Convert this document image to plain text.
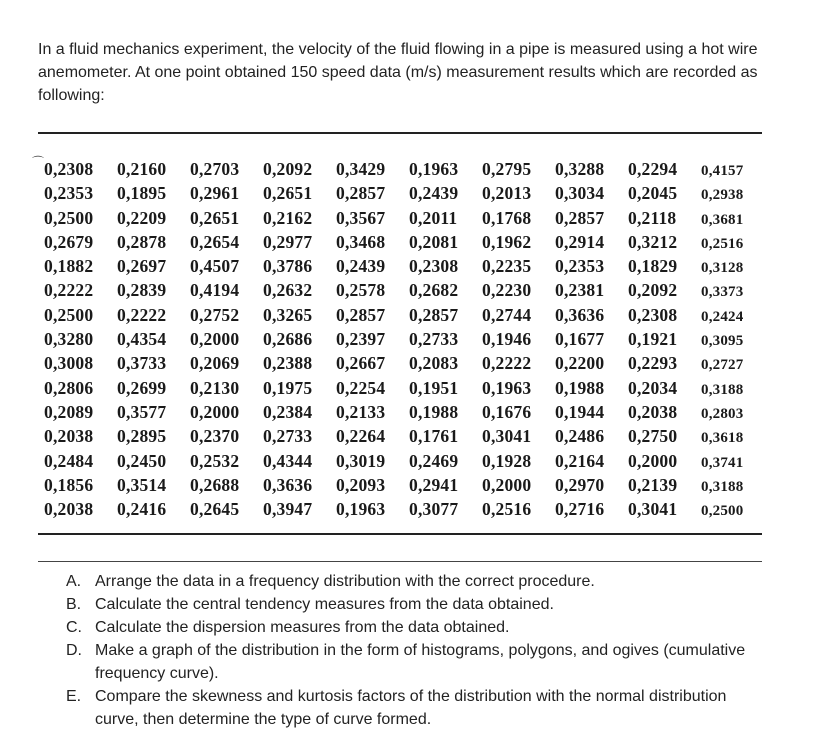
In a fluid mechanics experiment, the velocity of the fluid flowing in a pipe is measured using a hot wire anemometer. At one point obtained 150 speed data (m/s) measurement results which are recorded as following:

⌒ 0,2308 0,2160 0,2703 0,2092 0,3429 0,1963 0,2795 0,3288 0,2294 0,4157
0,2353 0,1895 0,2961 0,2651 0,2857 0,2439 0,2013 0,3034 0,2045 0,2938
0,2500 0,2209 0,2651 0,2162 0,3567 0,2011 0,1768 0,2857 0,2118 0,3681
0,2679 0,2878 0,2654 0,2977 0,3468 0,2081 0,1962 0,2914 0,3212 0,2516
0,1882 0,2697 0,4507 0,3786 0,2439 0,2308 0,2235 0,2353 0,1829 0,3128
0,2222 0,2839 0,4194 0,2632 0,2578 0,2682 0,2230 0,2381 0,2092 0,3373
0,2500 0,2222 0,2752 0,3265 0,2857 0,2857 0,2744 0,3636 0,2308 0,2424
0,3280 0,4354 0,2000 0,2686 0,2397 0,2733 0,1946 0,1677 0,1921 0,3095
0,3008 0,3733 0,2069 0,2388 0,2667 0,2083 0,2222 0,2200 0,2293 0,2727
0,2806 0,2699 0,2130 0,1975 0,2254 0,1951 0,1963 0,1988 0,2034 0,3188
0,2089 0,3577 0,2000 0,2384 0,2133 0,1988 0,1676 0,1944 0,2038 0,2803
0,2038 0,2895 0,2370 0,2733 0,2264 0,1761 0,3041 0,2486 0,2750 0,3618
0,2484 0,2450 0,2532 0,4344 0,3019 0,2469 0,1928 0,2164 0,2000 0,3741
0,1856 0,3514 0,2688 0,3636 0,2093 0,2941 0,2000 0,2970 0,2139 0,3188
0,2038 0,2416 0,2645 0,3947 0,1963 0,3077 0,2516 0,2716 0,3041 0,2500
A. Arrange the data in a frequency distribution with the correct procedure.
B. Calculate the central tendency measures from the data obtained.
C. Calculate the dispersion measures from the data obtained.
D. Make a graph of the distribution in the form of histograms, polygons, and ogives (cumulative frequency curve).
E. Compare the skewness and kurtosis factors of the distribution with the normal distribution curve, then determine the type of curve formed.
